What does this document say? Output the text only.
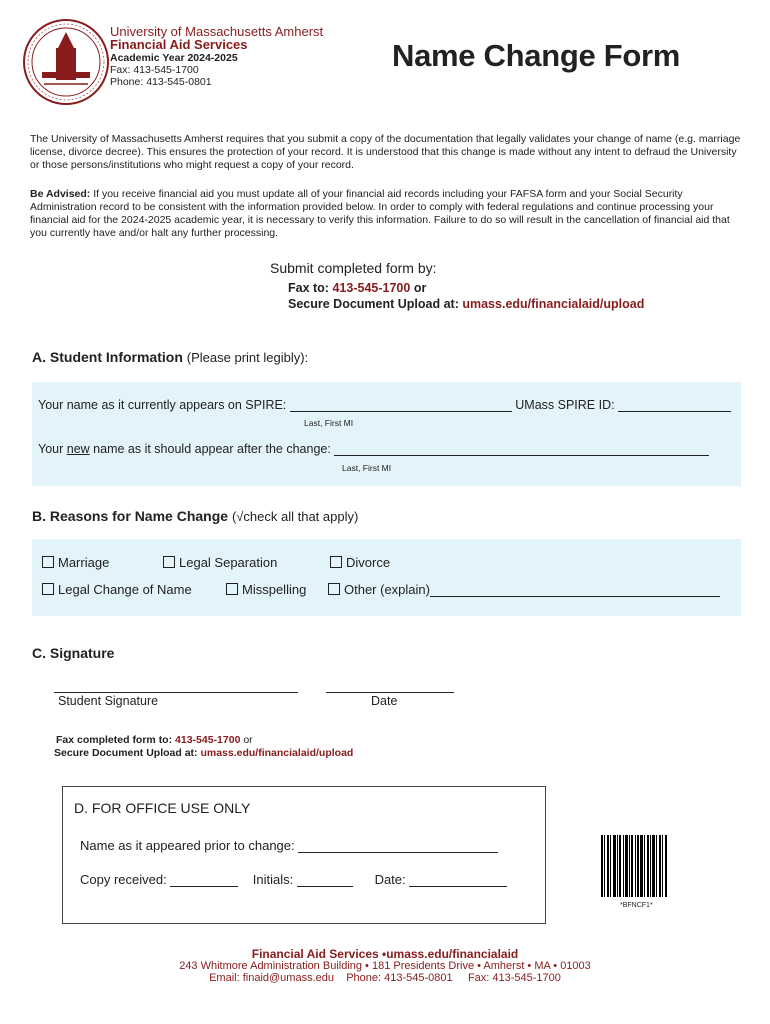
University of Massachusetts Amherst
Financial Aid Services
Academic Year 2024-2025
Fax: 413-545-1700
Phone: 413-545-0801
Name Change Form
The University of Massachusetts Amherst requires that you submit a copy of the documentation that legally validates your change of name (e.g. marriage license, divorce decree). This ensures the protection of your record. It is understood that this change is made without any intent to defraud the University or those persons/institutions who might request a copy of your record.
Be Advised: If you receive financial aid you must update all of your financial aid records including your FAFSA form and your Social Security Administration record to be consistent with the information provided below. In order to comply with federal regulations and continue processing your financial aid for the 2024-2025 academic year, it is necessary to verify this information. Failure to do so will result in the cancellation of financial aid that you currently have and/or halt any further processing.
Submit completed form by:
Fax to: 413-545-1700 or
Secure Document Upload at: umass.edu/financialaid/upload
A. Student Information (Please print legibly):
Your name as it currently appears on SPIRE:	UMass SPIRE ID:
Last, First MI
Your new name as it should appear after the change:
Last, First MI
B. Reasons for Name Change (√check all that apply)
Marriage	Legal Separation	Divorce
Legal Change of Name	Misspelling	Other (explain)
C. Signature
Student Signature	Date
Fax completed form to: 413-545-1700 or
Secure Document Upload at: umass.edu/financialaid/upload
D. FOR OFFICE USE ONLY
Name as it appeared prior to change:
Copy received:	Initials:	Date:
*BFNCF1*
Financial Aid Services •umass.edu/financialaid
243 Whitmore Administration Building • 181 Presidents Drive • Amherst • MA • 01003
Email: finaid@umass.edu Phone: 413-545-0801 Fax: 413-545-1700
